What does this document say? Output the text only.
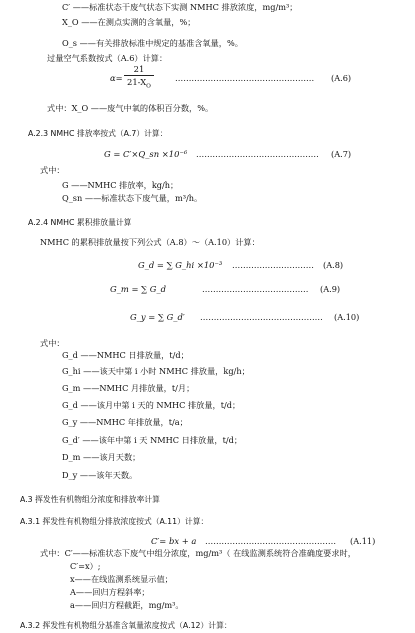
C′ ——标准状态干废气状态下实测 NMHC 排放浓度，mg/m³；
X_O ——在测点实测的含氧量，%；
O_s ——有关排放标准中规定的基准含氧量，%。
过量空气系数按式（A.6）计算：
α=
21
$21-X_O$
…………………………………………… (A.6)
式中：X_O ——废气中氧的体积百分数，%。
A.2.3 NMHC 排放率按式（A.7）计算：
G = C′×Q_sn ×10⁻⁶ ……………………………………… (A.7)
式中：
G ——NMHC 排放率，kg/h；
Q_sn ——标准状态下废气量，m³/h。
A.2.4 NMHC 累积排放量计算
NMHC 的累积排放量按下列公式（A.8）～（A.10）计算：
G_d = ∑ G_hi ×10⁻³ ………………………… (A.8)
G_m = ∑ G_d	………………………………… (A.9)
G_y = ∑ G_d′ ……………………………………… (A.10)
式中：
G_d ——NMHC 日排放量，t/d；
G_hi ——该天中第 i 小时 NMHC 排放量，kg/h；
G_m ——NMHC 月排放量，t/月；
G_d ——该月中第 i 天的 NMHC 排放量，t/d；
G_y ——NMHC 年排放量，t/a；
G_d′ ——该年中第 i 天 NMHC 日排放量，t/d；
D_m ——该月天数；
D_y ——该年天数。
A.3 挥发性有机物组分浓度和排放率计算
A.3.1 挥发性有机物组分排放浓度按式（A.11）计算：
C′= bx + a ………………………………………… (A.11)
式中：C′——标准状态下废气中组分浓度，mg/m³（ 在线监测系统符合准确度要求时，
C′=x）;
x——在线监测系统显示值；
A——回归方程斜率；
a——回归方程截距，mg/m³。
A.3.2 挥发性有机物组分基准含氧量浓度按式（A.12）计算：
